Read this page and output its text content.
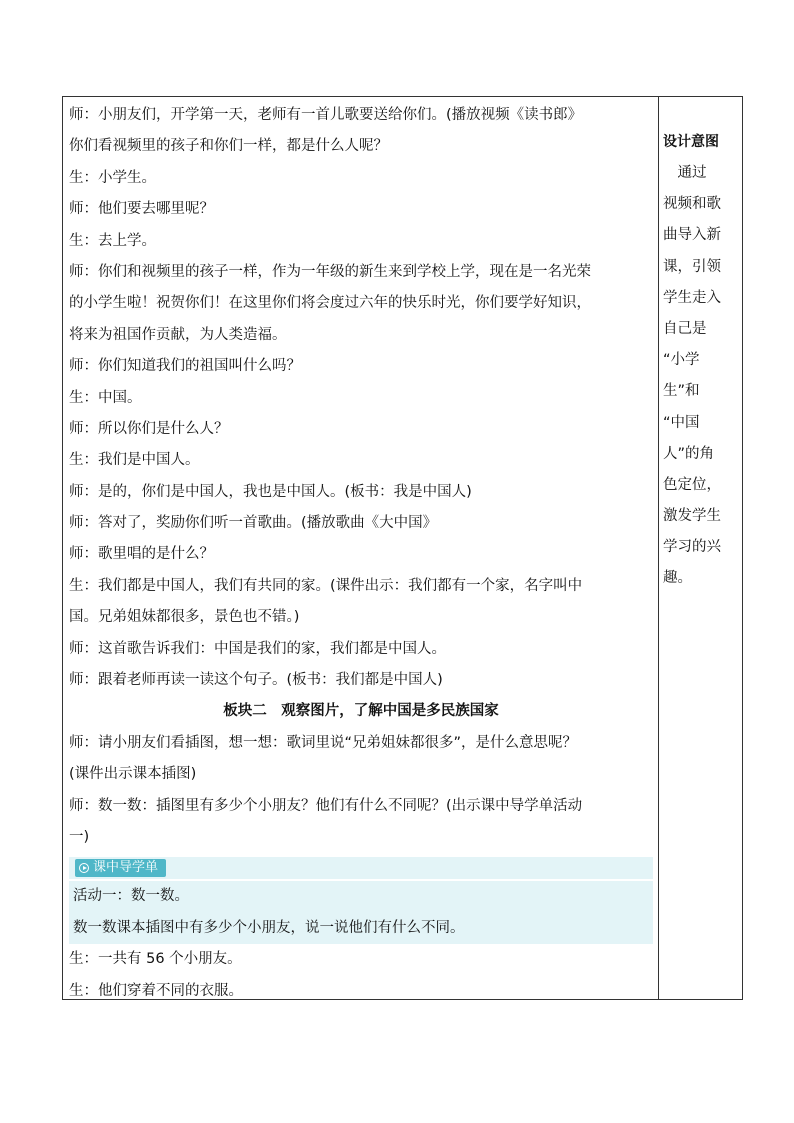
师：小朋友们，开学第一天，老师有一首儿歌要送给你们。(播放视频《读书郎》
你们看视频里的孩子和你们一样，都是什么人呢？
生：小学生。
师：他们要去哪里呢？
生：去上学。
师：你们和视频里的孩子一样，作为一年级的新生来到学校上学，现在是一名光荣
的小学生啦！祝贺你们！在这里你们将会度过六年的快乐时光，你们要学好知识，
将来为祖国作贡献，为人类造福。
师：你们知道我们的祖国叫什么吗？
生：中国。
师：所以你们是什么人？
生：我们是中国人。
师：是的，你们是中国人，我也是中国人。(板书：我是中国人)
师：答对了，奖励你们听一首歌曲。(播放歌曲《大中国》
师：歌里唱的是什么？
生：我们都是中国人，我们有共同的家。(课件出示：我们都有一个家，名字叫中
国。兄弟姐妹都很多，景色也不错。)
师：这首歌告诉我们：中国是我们的家，我们都是中国人。
师：跟着老师再读一读这个句子。(板书：我们都是中国人)
板块二　观察图片，了解中国是多民族国家
师：请小朋友们看插图，想一想：歌词里说“兄弟姐妹都很多”，是什么意思呢？
(课件出示课本插图)
师：数一数：插图里有多少个小朋友？他们有什么不同呢？(出示课中导学单活动
一)
课中导学单
活动一：数一数。
数一数课本插图中有多少个小朋友，说一说他们有什么不同。
生：一共有 56 个小朋友。
生：他们穿着不同的衣服。
设计意图
　通过
视频和歌
曲导入新
课，引领
学生走入
自己是
“小学
生”和
“中国
人”的角
色定位，
激发学生
学习的兴
趣。
